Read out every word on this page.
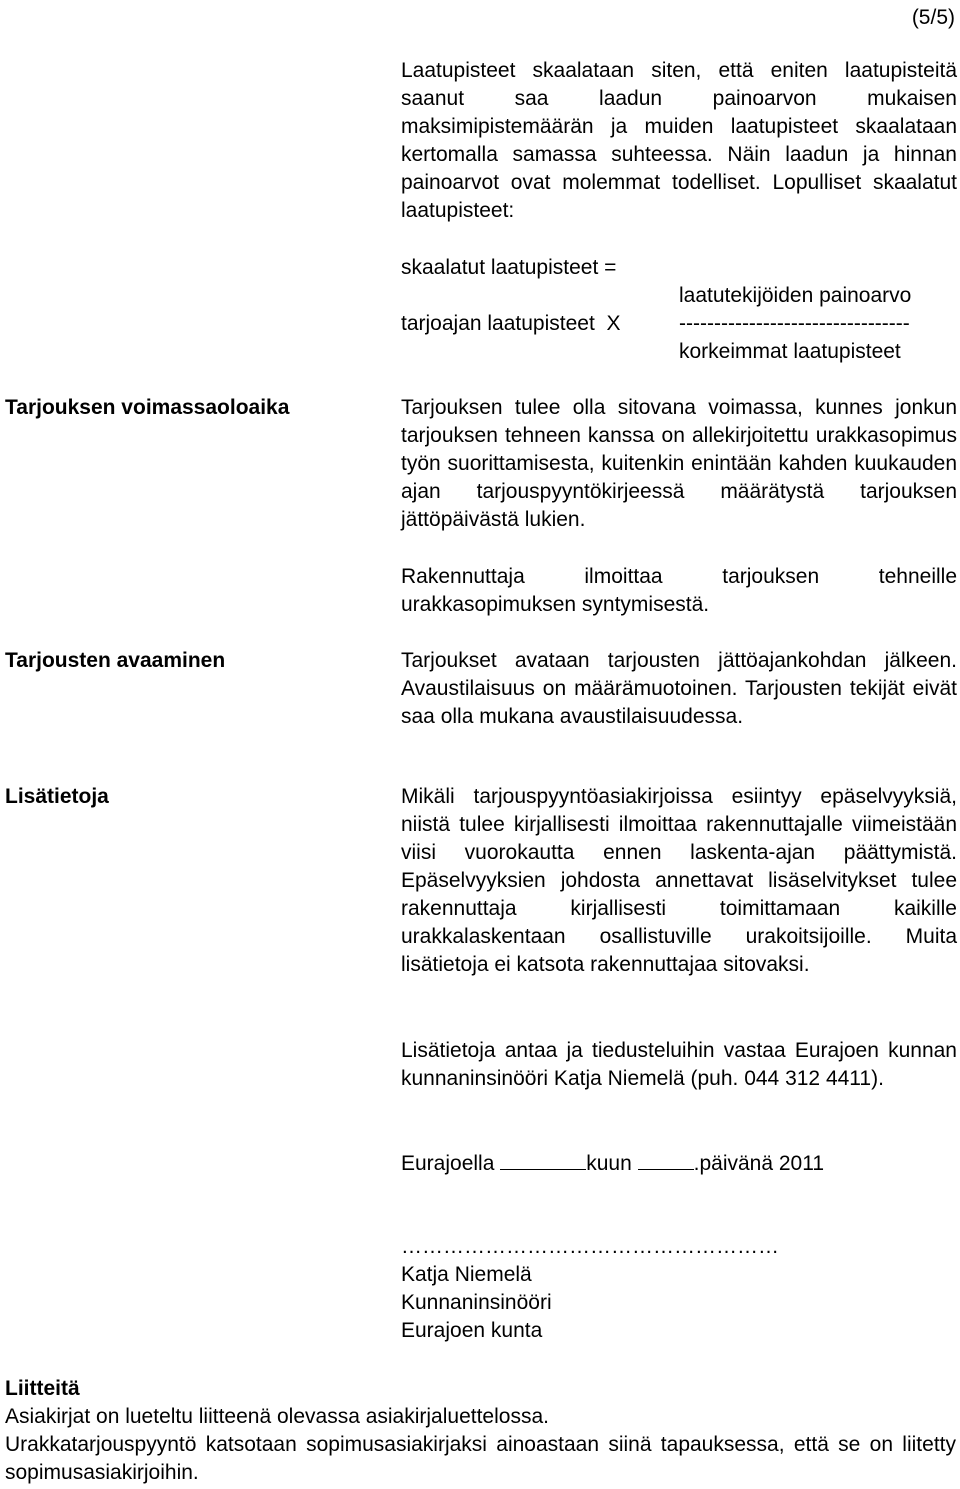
(5/5)

Laatupisteet skaalataan siten, että eniten laatupisteitä saanut saa laadun painoarvon mukaisen maksimipistemäärän ja muiden laatupisteet skaalataan kertomalla samassa suhteessa. Näin laadun ja hinnan painoarvot ovat molemmat todelliset. Lopulliset skaalatut laatupisteet:

skaalatut laatupisteet =
laatutekijöiden painoarvo
tarjoajan laatupisteet  X	---------------------------------
korkeimmat laatupisteet
Tarjouksen voimassaoloaika	Tarjouksen tulee olla sitovana voimassa, kunnes jonkun tarjouksen tehneen kanssa on allekirjoitettu urakkasopimus työn suorittamisesta, kuitenkin enintään kahden kuukauden ajan tarjouspyyntökirjeessä määrätystä tarjouksen jättöpäivästä lukien.

Rakennuttaja ilmoittaa tarjouksen tehneille urakkasopimuksen syntymisestä.

Tarjousten avaaminen	Tarjoukset avataan tarjousten jättöajankohdan jälkeen. Avaustilaisuus on määrämuotoinen. Tarjousten tekijät eivät saa olla mukana avaustilaisuudessa.

Lisätietoja	Mikäli tarjouspyyntöasiakirjoissa esiintyy epäselvyyksiä, niistä tulee kirjallisesti ilmoittaa rakennuttajalle viimeistään viisi vuorokautta ennen laskenta-ajan päättymistä. Epäselvyyksien johdosta annettavat lisäselvitykset tulee rakennuttaja kirjallisesti toimittamaan kaikille urakkalaskentaan osallistuville urakoitsijoille. Muita lisätietoja ei katsota rakennuttajaa sitovaksi.

Lisätietoja antaa ja tiedusteluihin vastaa Eurajoen kunnan kunnaninsinööri Katja Niemelä (puh. 044 312 4411).

Eurajoella	kuun	.päivänä 2011
………………………………………………
Katja Niemelä
Kunnaninsinööri
Eurajoen kunta
Liitteitä
Asiakirjat on lueteltu liitteenä olevassa asiakirjaluettelossa.

Urakkatarjouspyyntö katsotaan sopimusasiakirjaksi ainoastaan siinä tapauksessa, että se on liitetty sopimusasiakirjoihin.
